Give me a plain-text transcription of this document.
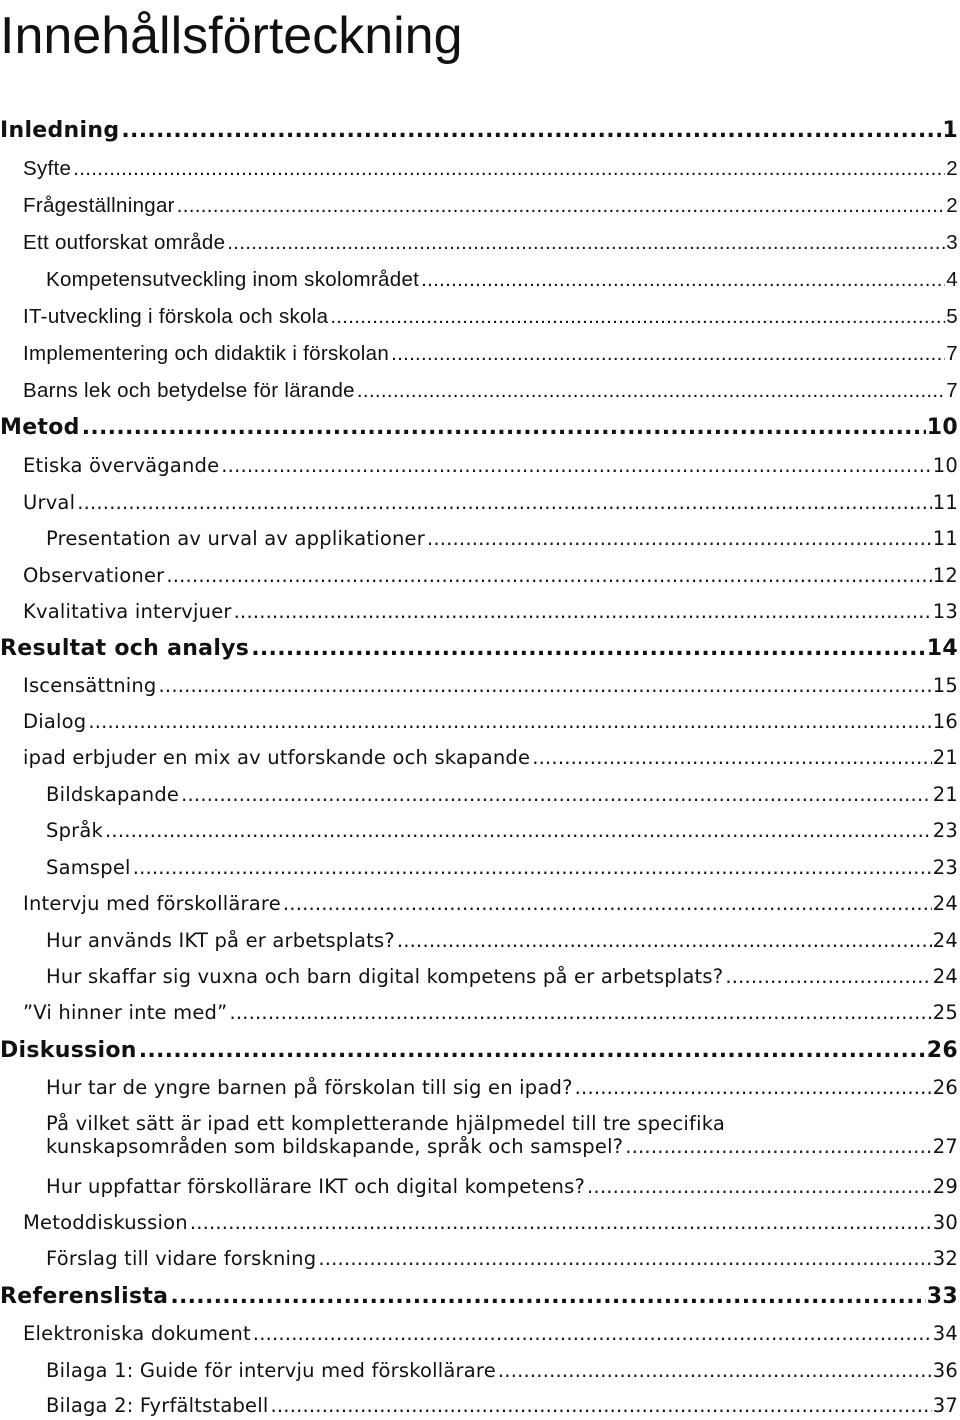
Innehållsförteckning
Inledning .....	1
Syfte .....	2
Frågeställningar .....	2
Ett outforskat område .....	3
Kompetensutveckling inom skolområdet .....	4
IT-utveckling i förskola och skola .....	5
Implementering och didaktik i förskolan .....	7
Barns lek och betydelse för lärande .....	7
Metod .....	10
Etiska övervägande .....	10
Urval .....	11
Presentation av urval av applikationer .....	11
Observationer .....	12
Kvalitativa intervjuer .....	13
Resultat och analys .....	14
Iscensättning .....	15
Dialog .....	16
ipad erbjuder en mix av utforskande och skapande .....	21
Bildskapande .....	21
Språk .....	23
Samspel .....	23
Intervju med förskollärare .....	24
Hur används IKT på er arbetsplats? .....	24
Hur skaffar sig vuxna och barn digital kompetens på er arbetsplats? .....	24
”Vi hinner inte med” .....	25
Diskussion .....	26
Hur tar de yngre barnen på förskolan till sig en ipad? .....	26
På vilket sätt är ipad ett kompletterande hjälpmedel till tre specifika
kunskapsområden som bildskapande, språk och samspel? .....	27
Hur uppfattar förskollärare IKT och digital kompetens? .....	29
Metoddiskussion .....	30
Förslag till vidare forskning .....	32
Referenslista .....	33
Elektroniska dokument .....	34
Bilaga 1: Guide för intervju med förskollärare .....	36
Bilaga 2: Fyrfältstabell .....	37
